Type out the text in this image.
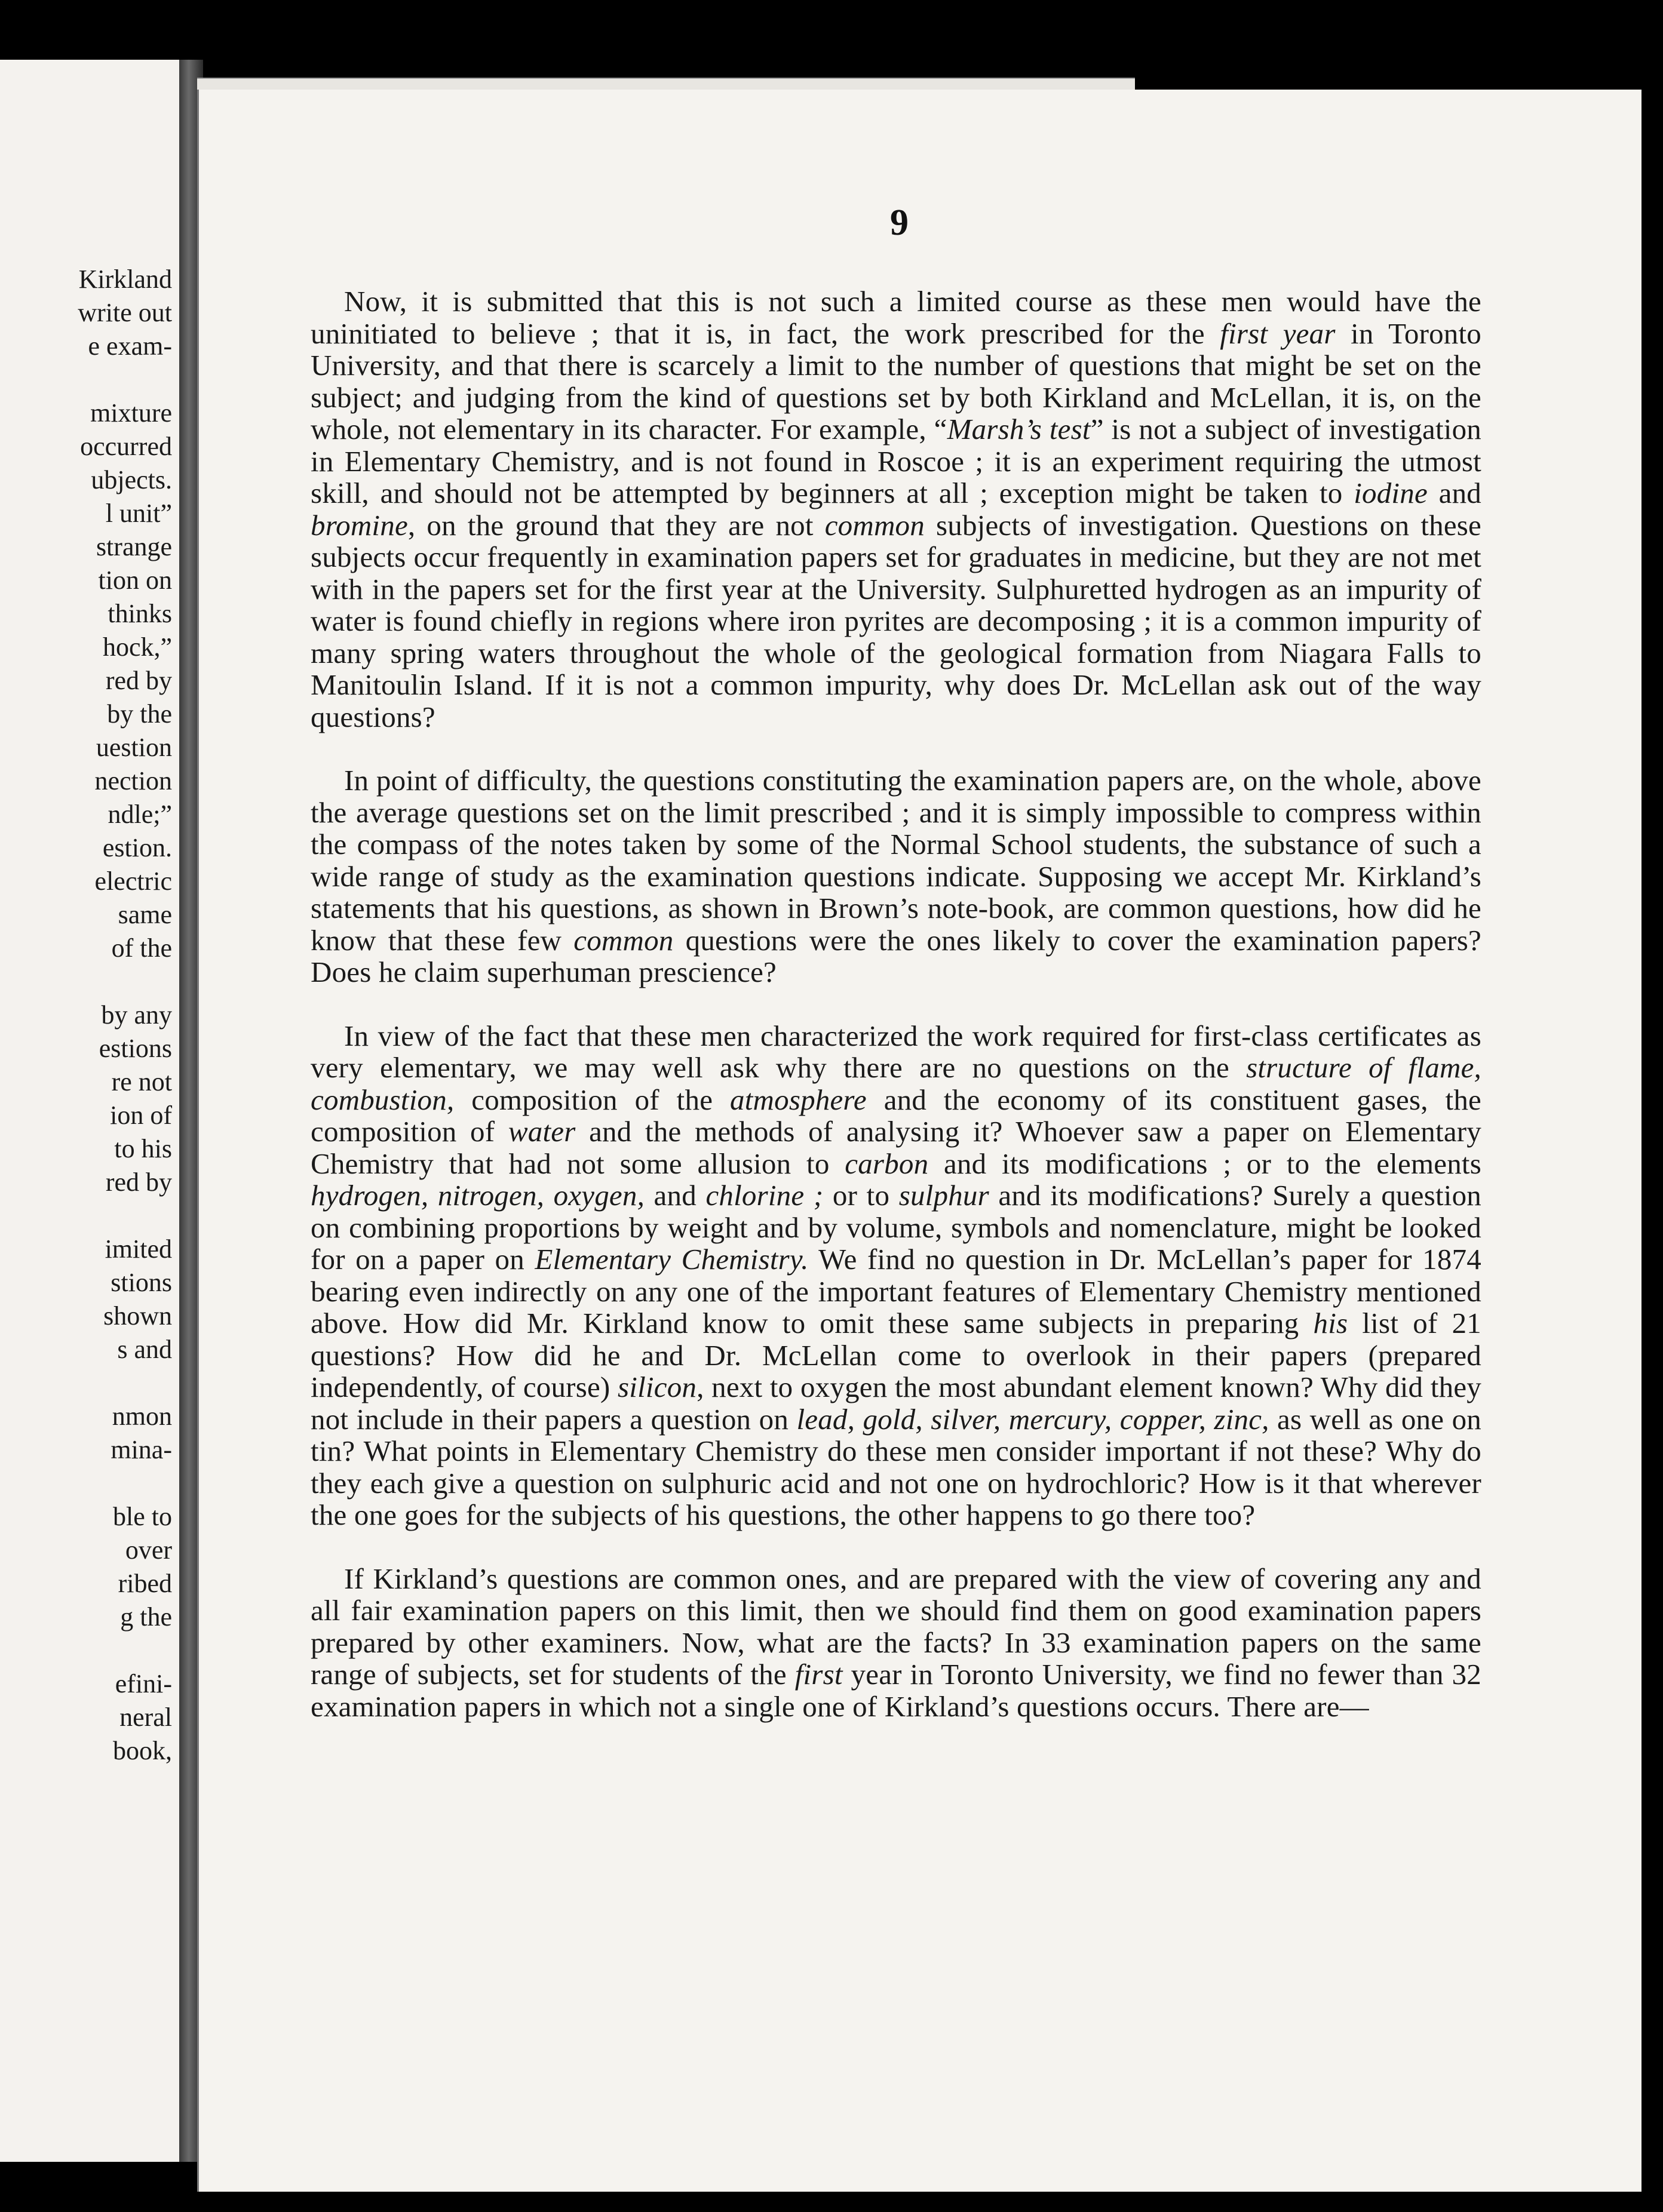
Kirkland
write out
e exam-
mixture
occurred
ubjects.
l unit”
strange
tion on
thinks
hock,”
red by
by the
uestion
nection
ndle;”
estion.
electric
same
of the
by any
estions
re not
ion of
to his
red by
imited
stions
shown
s and
nmon
mina-
ble to
over
ribed
g the
efini-
neral
book,
9

Now, it is submitted that this is not such a limited course as these men would have the uninitiated to believe ; that it is, in fact, the work prescribed for the first year in Toronto University, and that there is scarcely a limit to the number of questions that might be set on the subject; and judging from the kind of questions set by both Kirkland and McLellan, it is, on the whole, not elementary in its character. For example, “Marsh’s test” is not a subject of investigation in Elementary Chemistry, and is not found in Roscoe ; it is an experiment requiring the utmost skill, and should not be attempted by beginners at all ; exception might be taken to iodine and bromine, on the ground that they are not common subjects of investigation. Questions on these subjects occur frequently in examination papers set for graduates in medicine, but they are not met with in the papers set for the first year at the University. Sulphuretted hydrogen as an impurity of water is found chiefly in regions where iron pyrites are decomposing ; it is a common impurity of many spring waters throughout the whole of the geological formation from Niagara Falls to Manitoulin Island. If it is not a common impurity, why does Dr. McLellan ask out of the way questions?

In point of difficulty, the questions constituting the examination papers are, on the whole, above the average questions set on the limit prescribed ; and it is simply impossible to compress within the compass of the notes taken by some of the Normal School students, the substance of such a wide range of study as the examination questions indicate. Supposing we accept Mr. Kirkland’s statements that his questions, as shown in Brown’s note-book, are common questions, how did he know that these few common questions were the ones likely to cover the examination papers? Does he claim superhuman prescience?

In view of the fact that these men characterized the work required for first-class certificates as very elementary, we may well ask why there are no questions on the structure of flame, combustion, composition of the atmosphere and the economy of its constituent gases, the composition of water and the methods of analysing it? Whoever saw a paper on Elementary Chemistry that had not some allusion to carbon and its modifications ; or to the elements hydrogen, nitrogen, oxygen, and chlorine ; or to sulphur and its modifications? Surely a question on combining proportions by weight and by volume, symbols and nomenclature, might be looked for on a paper on Elementary Chemistry. We find no question in Dr. McLellan’s paper for 1874 bearing even indirectly on any one of the important features of Elementary Chemistry mentioned above. How did Mr. Kirkland know to omit these same subjects in preparing his list of 21 questions? How did he and Dr. McLellan come to overlook in their papers (prepared independently, of course) silicon, next to oxygen the most abundant element known? Why did they not include in their papers a question on lead, gold, silver, mercury, copper, zinc, as well as one on tin? What points in Elementary Chemistry do these men consider important if not these? Why do they each give a question on sulphuric acid and not one on hydrochloric? How is it that wherever the one goes for the subjects of his questions, the other happens to go there too?

If Kirkland’s questions are common ones, and are prepared with the view of covering any and all fair examination papers on this limit, then we should find them on good examination papers prepared by other examiners. Now, what are the facts? In 33 examination papers on the same range of subjects, set for students of the first year in Toronto University, we find no fewer than 32 examination papers in which not a single one of Kirkland’s questions occurs. There are—
